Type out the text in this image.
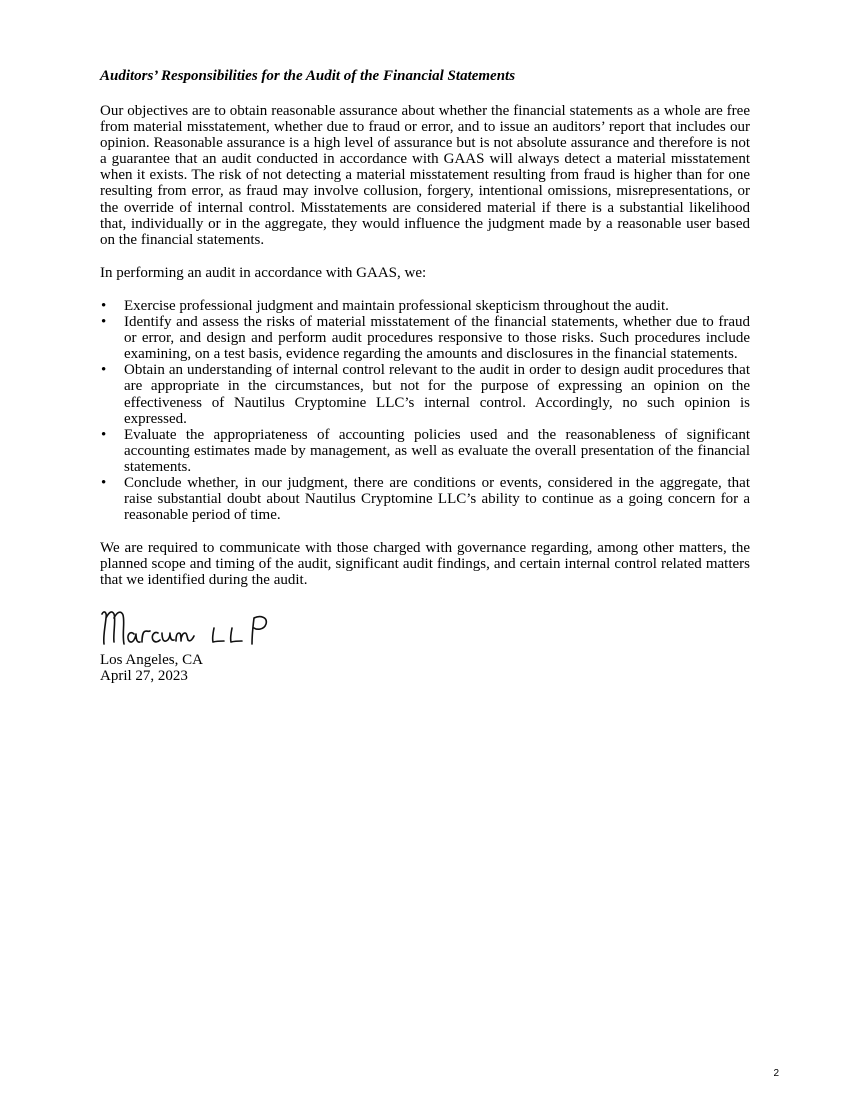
Auditors’ Responsibilities for the Audit of the Financial Statements

Our objectives are to obtain reasonable assurance about whether the financial statements as a whole are free from material misstatement, whether due to fraud or error, and to issue an auditors’ report that includes our opinion. Reasonable assurance is a high level of assurance but is not absolute assurance and therefore is not a guarantee that an audit conducted in accordance with GAAS will always detect a material misstatement when it exists. The risk of not detecting a material misstatement resulting from fraud is higher than for one resulting from error, as fraud may involve collusion, forgery, intentional omissions, misrepresentations, or the override of internal control. Misstatements are considered material if there is a substantial likelihood that, individually or in the aggregate, they would influence the judgment made by a reasonable user based on the financial statements.

In performing an audit in accordance with GAAS, we:

• Exercise professional judgment and maintain professional skepticism throughout the audit.
• Identify and assess the risks of material misstatement of the financial statements, whether due to fraud or error, and design and perform audit procedures responsive to those risks. Such procedures include examining, on a test basis, evidence regarding the amounts and disclosures in the financial statements.
• Obtain an understanding of internal control relevant to the audit in order to design audit procedures that are appropriate in the circumstances, but not for the purpose of expressing an opinion on the effectiveness of Nautilus Cryptomine LLC’s internal control. Accordingly, no such opinion is expressed.
• Evaluate the appropriateness of accounting policies used and the reasonableness of significant accounting estimates made by management, as well as evaluate the overall presentation of the financial statements.
• Conclude whether, in our judgment, there are conditions or events, considered in the aggregate, that raise substantial doubt about Nautilus Cryptomine LLC’s ability to continue as a going concern for a reasonable period of time.

We are required to communicate with those charged with governance regarding, among other matters, the planned scope and timing of the audit, significant audit findings, and certain internal control related matters that we identified during the audit.

Los Angeles, CA
April 27, 2023
2
